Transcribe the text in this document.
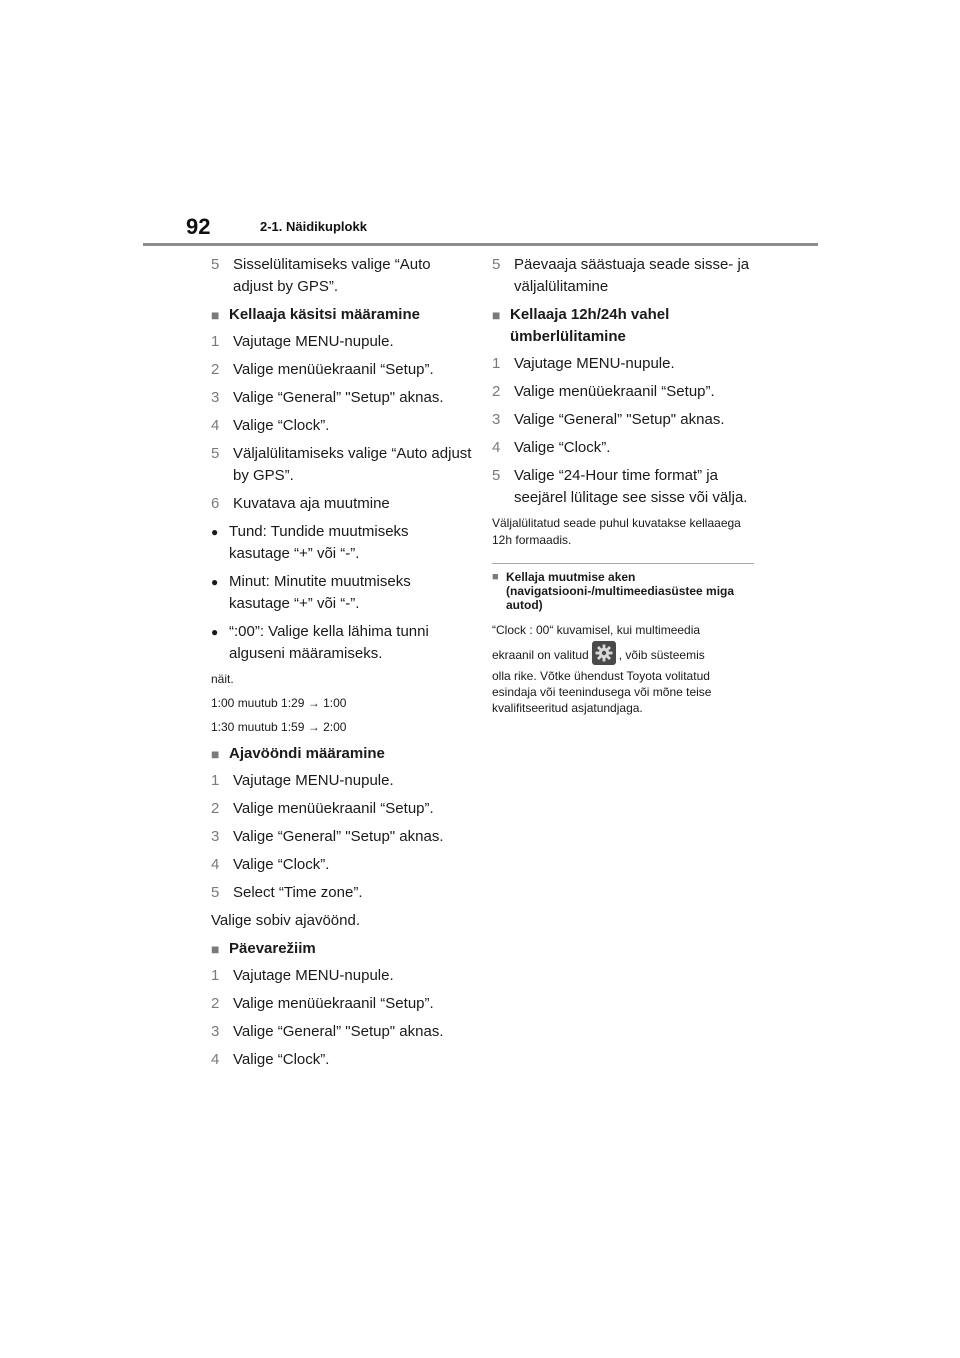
92	2-1. Näidikuplokk
5 Sisselülitamiseks valige “Auto adjust by GPS”.
■ Kellaaja käsitsi määramine
1 Vajutage MENU-nupule.
2 Valige menüüekraanil “Setup”.
3 Valige “General” "Setup" aknas.
4 Valige “Clock”.
5 Väljalülitamiseks valige “Auto adjust by GPS”.
6 Kuvatava aja muutmine
● Tund: Tundide muutmiseks kasutage “+” või “-”.
● Minut: Minutite muutmiseks kasutage “+” või “-”.
● “:00”: Valige kella lähima tunni alguseni määramiseks.
näit.
1:00 muutub 1:29 → 1:00
1:30 muutub 1:59 → 2:00
■ Ajavööndi määramine
1 Vajutage MENU-nupule.
2 Valige menüüekraanil “Setup”.
3 Valige “General” "Setup" aknas.
4 Valige “Clock”.
5 Select “Time zone”.
Valige sobiv ajavöönd.
■ Päevarežiim
1 Vajutage MENU-nupule.
2 Valige menüüekraanil “Setup”.
3 Valige “General” "Setup" aknas.
4 Valige “Clock”.
5 Päevaaja säästuaja seade sisse- ja väljalülitamine
■ Kellaaja 12h/24h vahel ümberlülitamine
1 Vajutage MENU-nupule.
2 Valige menüüekraanil “Setup”.
3 Valige “General” "Setup" aknas.
4 Valige “Clock”.
5 Valige “24-Hour time format” ja seejärel lülitage see sisse või välja.
Väljalülitatud seade puhul kuvatakse kellaaega 12h formaadis.
■ Kellaja muutmise aken (navigatsiooni-/multimeediasüstee miga autod)
“Clock : 00“ kuvamisel, kui multimeedia
ekraanil on valitud	, võib süsteemis
olla rike. Võtke ühendust Toyota volitatud esindaja või teenindusega või mõne teise kvalifitseeritud asjatundjaga.
